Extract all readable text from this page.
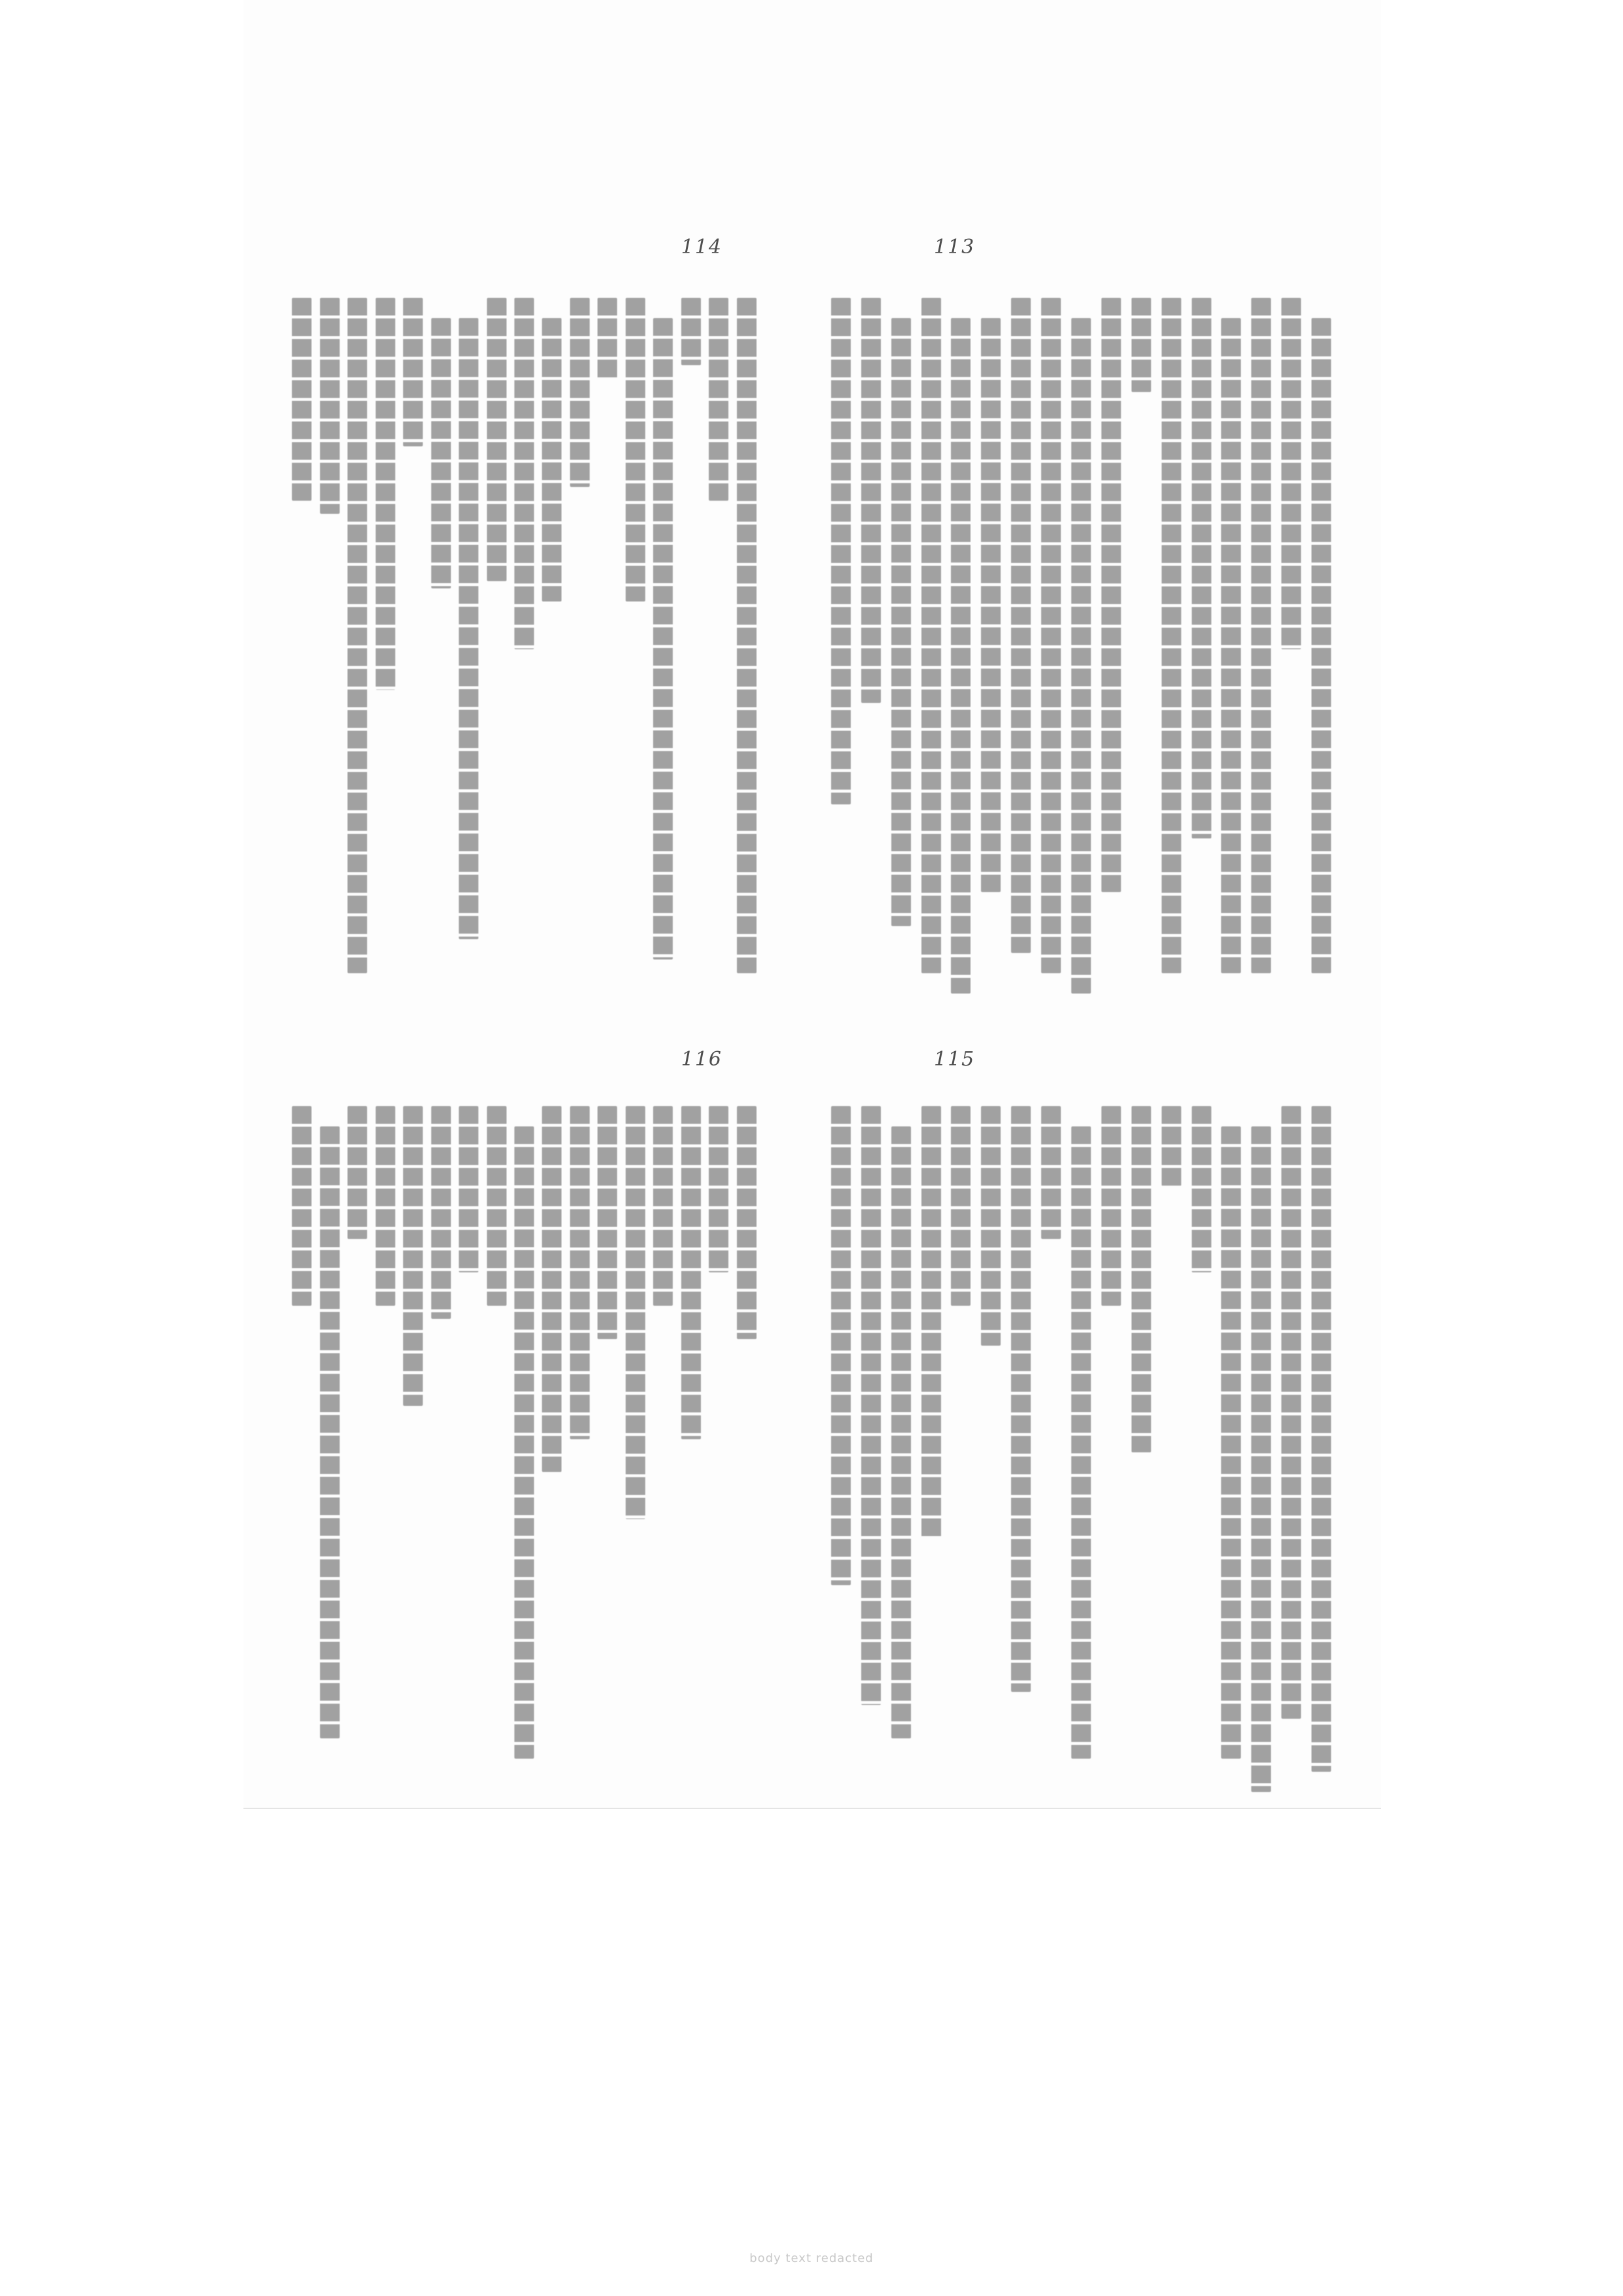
113
114
115
116
body text redacted
